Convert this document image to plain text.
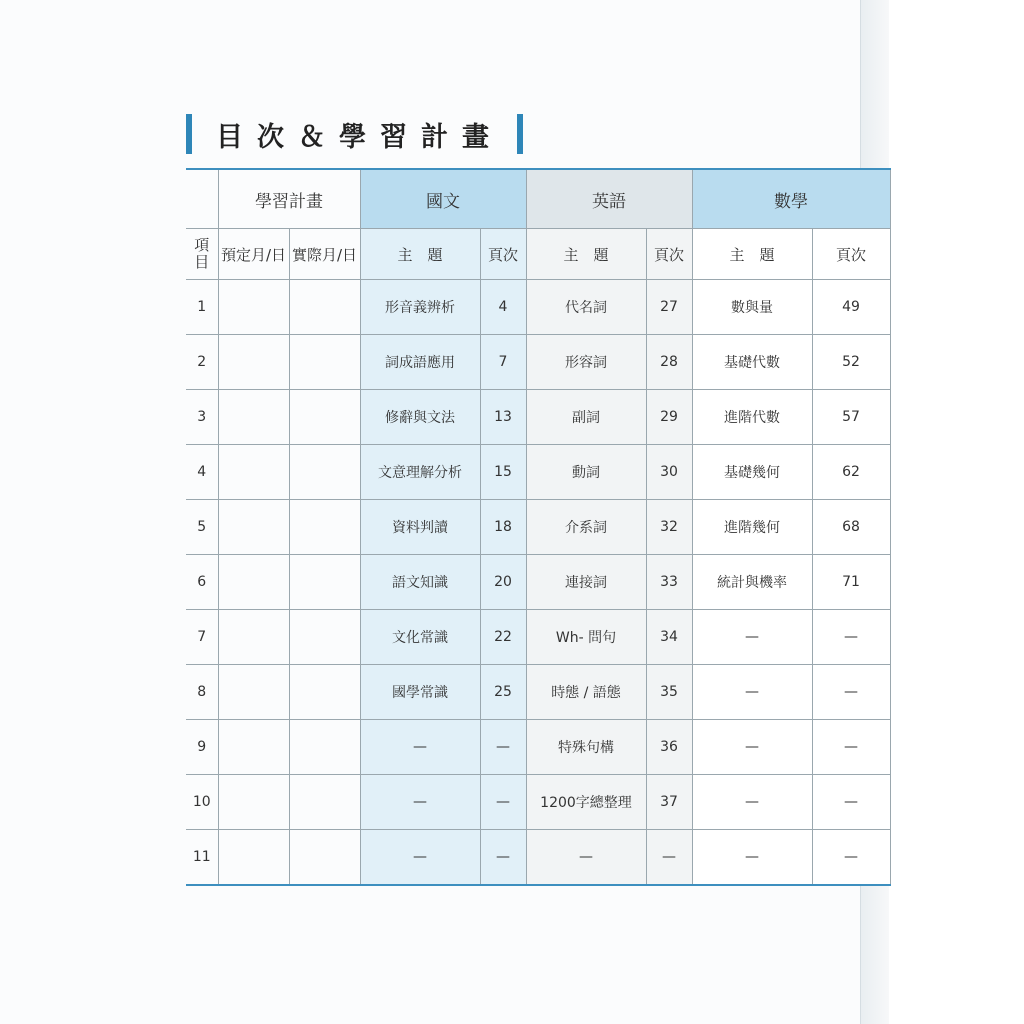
目次＆學習計畫
	學習計畫		國文		英語		數學	
項目	預定月/日	實際月/日	主　題	頁次	主　題	頁次	主　題	頁次
1			形音義辨析	4	代名詞	27	數與量	49
2			詞成語應用	7	形容詞	28	基礎代數	52
3			修辭與文法	13	副詞	29	進階代數	57
4			文意理解分析	15	動詞	30	基礎幾何	62
5			資料判讀	18	介系詞	32	進階幾何	68
6			語文知識	20	連接詞	33	統計與機率	71
7			文化常識	22	Wh- 問句	34	—	—
8			國學常識	25	時態 / 語態	35	—	—
9			—	—	特殊句構	36	—	—
10			—	—	1200字總整理	37	—	—
11			—	—	—	—	—	—
